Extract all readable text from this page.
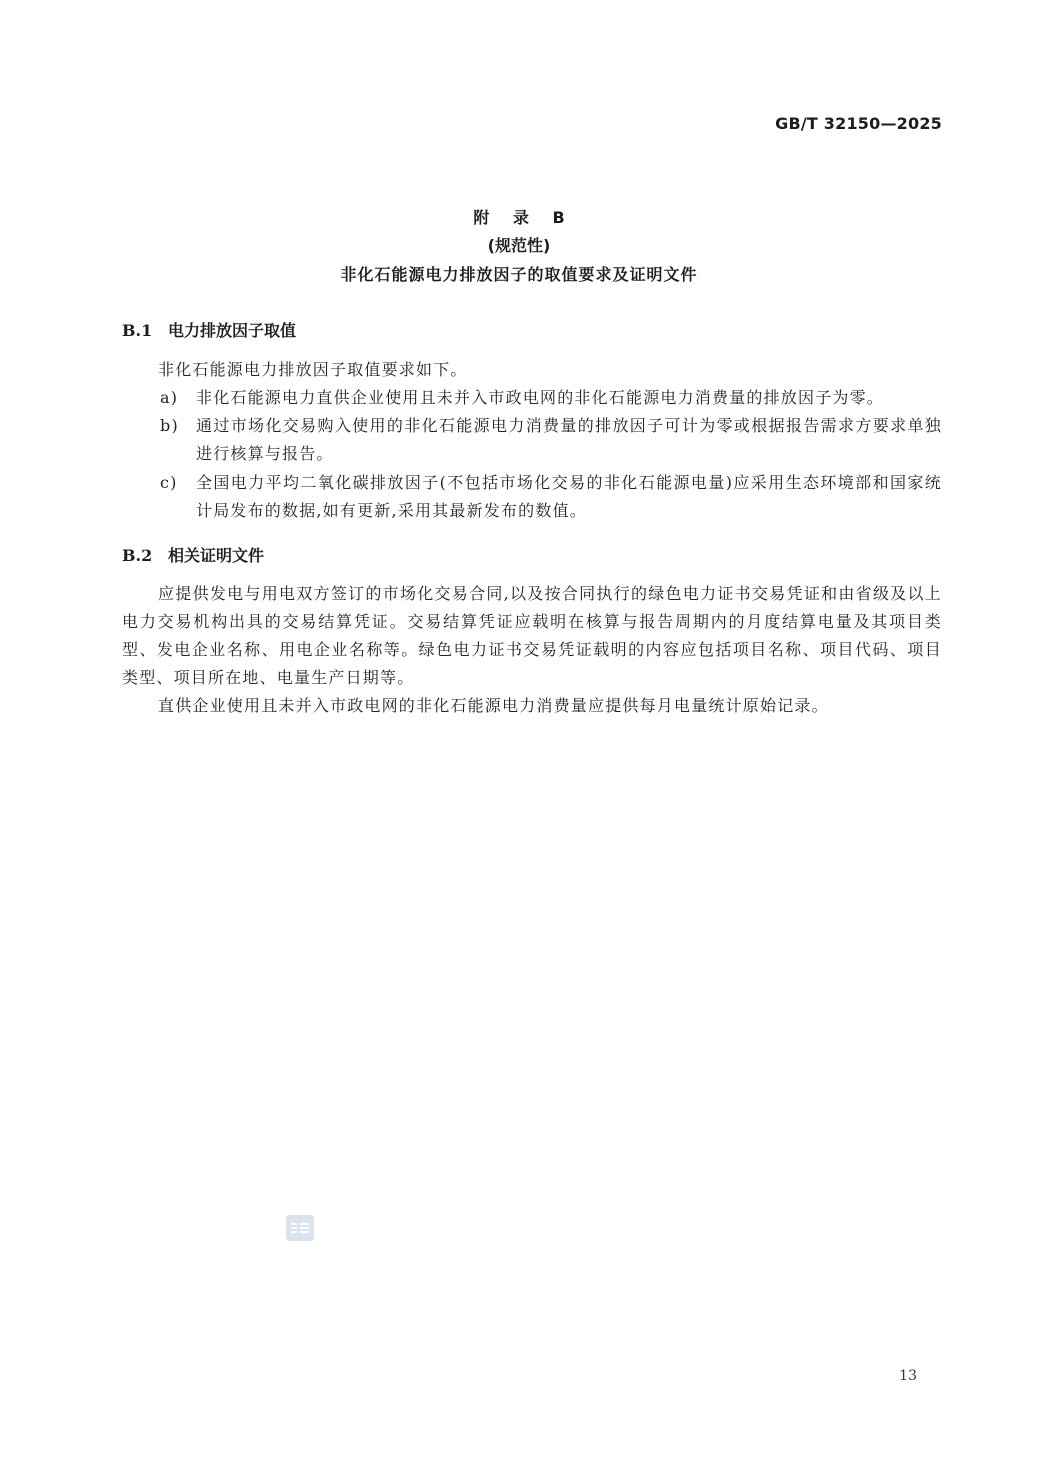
GB/T 32150—2025
附 录 B
(规范性)
非化石能源电力排放因子的取值要求及证明文件
B.1 电力排放因子取值
非化石能源电力排放因子取值要求如下。
a)	非化石能源电力直供企业使用且未并入市政电网的非化石能源电力消费量的排放因子为零。
b)	通过市场化交易购入使用的非化石能源电力消费量的排放因子可计为零或根据报告需求方要求单独进行核算与报告。
c)	全国电力平均二氧化碳排放因子(不包括市场化交易的非化石能源电量)应采用生态环境部和国家统计局发布的数据,如有更新,采用其最新发布的数值。
B.2 相关证明文件
应提供发电与用电双方签订的市场化交易合同,以及按合同执行的绿色电力证书交易凭证和由省级及以上电力交易机构出具的交易结算凭证。交易结算凭证应载明在核算与报告周期内的月度结算电量及其项目类型、发电企业名称、用电企业名称等。绿色电力证书交易凭证载明的内容应包括项目名称、项目代码、项目类型、项目所在地、电量生产日期等。
直供企业使用且未并入市政电网的非化石能源电力消费量应提供每月电量统计原始记录。
13
